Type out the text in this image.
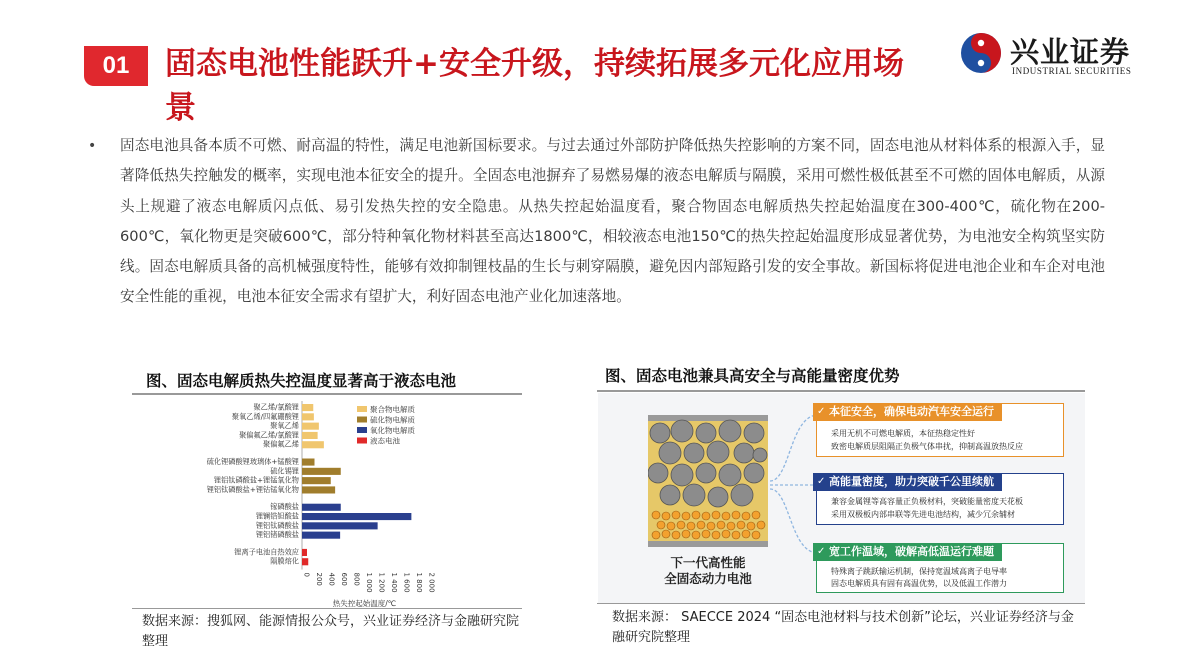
01	固态电池性能跃升+安全升级，持续拓展多元化应用场景
兴业证券
INDUSTRIAL SECURITIES
• 固态电池具备本质不可燃、耐高温的特性，满足电池新国标要求。与过去通过外部防护降低热失控影响的方案不同，固态电池从材料体系的根源入手，显著降低热失控触发的概率，实现电池本征安全的提升。全固态电池摒弃了易燃易爆的液态电解质与隔膜，采用可燃性极低甚至不可燃的固体电解质，从源头上规避了液态电解质闪点低、易引发热失控的安全隐患。从热失控起始温度看，聚合物固态电解质热失控起始温度在300-400℃，硫化物在200-600℃，氧化物更是突破600℃，部分特种氧化物材料甚至高达1800℃，相较液态电池150℃的热失控起始温度形成显著优势，为电池安全构筑坚实防线。固态电解质具备的高机械强度特性，能够有效抑制锂枝晶的生长与刺穿隔膜，避免因内部短路引发的安全事故。新国标将促进电池企业和车企对电池安全性能的重视，电池本征安全需求有望扩大，利好固态电池产业化加速落地。
图、固态电解质热失控温度显著高于液态电池
聚乙烯/氯酸锂
聚氧乙烯/四氟硼酸锂
聚氧乙烯
聚偏氟乙烯/氯酸锂
聚偏氟乙烯
硫化锂磷酸锂玻璃体+锰酸锂
硫化锡锂
锂铝钛磷酸盐+锂锰氧化物
锂铝钛磷酸盐+锂钴锰氧化物
镓磷酸盐
锂镧锆钽酸盐
锂铝钛磷酸盐
锂铝锗磷酸盐
锂离子电池自热效应
隔膜熔化
0 200 400 600 800 1 000 1 200 1 400 1 600 1 800 2 000
热失控起始温度/℃
聚合物电解质
硫化物电解质
氧化物电解质
液态电池
数据来源：搜狐网、能源情报公众号，兴业证券经济与金融研究院整理
图、固态电池兼具高安全与高能量密度优势
下一代高性能
全固态动力电池
✓ 本征安全，确保电动汽车安全运行
采用无机不可燃电解质，本征热稳定性好
致密电解质层阻隔正负极气体串扰，抑制高温放热反应
✓ 高能量密度，助力突破千公里续航
兼容金属锂等高容量正负极材料，突破能量密度天花板
采用双极板内部串联等先进电池结构，减少冗余辅材
✓ 宽工作温域，破解高低温运行难题
特殊离子跳跃输运机制，保持宽温域高离子电导率
固态电解质具有固有高温优势，以及低温工作潜力
数据来源： SAECCE 2024 “固态电池材料与技术创新”论坛，兴业证券经济与金融研究院整理
